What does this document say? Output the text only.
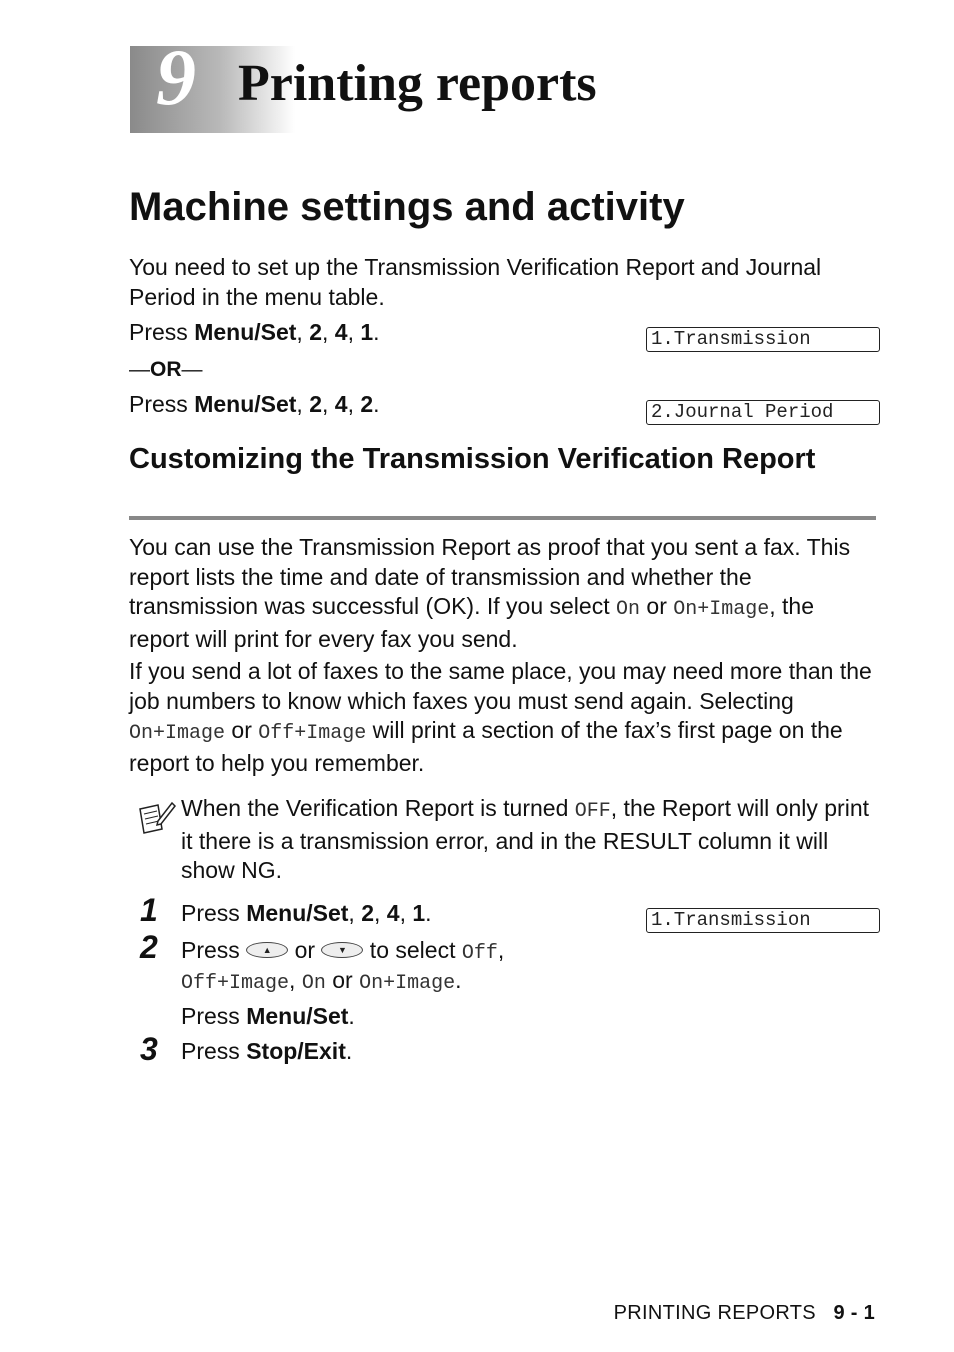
9 Printing reports
Machine settings and activity
You need to set up the Transmission Verification Report and Journal Period in the menu table.
Press Menu/Set, 2, 4, 1.	1.Transmission
—OR—
Press Menu/Set, 2, 4, 2.	2.Journal Period
Customizing the Transmission Verification Report
You can use the Transmission Report as proof that you sent a fax. This report lists the time and date of transmission and whether the transmission was successful (OK). If you select On or On+Image, the report will print for every fax you send.
If you send a lot of faxes to the same place, you may need more than the job numbers to know which faxes you must send again. Selecting On+Image or Off+Image will print a section of the fax’s first page on the report to help you remember.
When the Verification Report is turned OFF, the Report will only print it there is a transmission error, and in the RESULT column it will show NG.
1 Press Menu/Set, 2, 4, 1.	1.Transmission
2 Press ▲ or ▼ to select Off,
Off+Image, On or On+Image.
Press Menu/Set.
3 Press Stop/Exit.
PRINTING REPORTS 9 - 1
